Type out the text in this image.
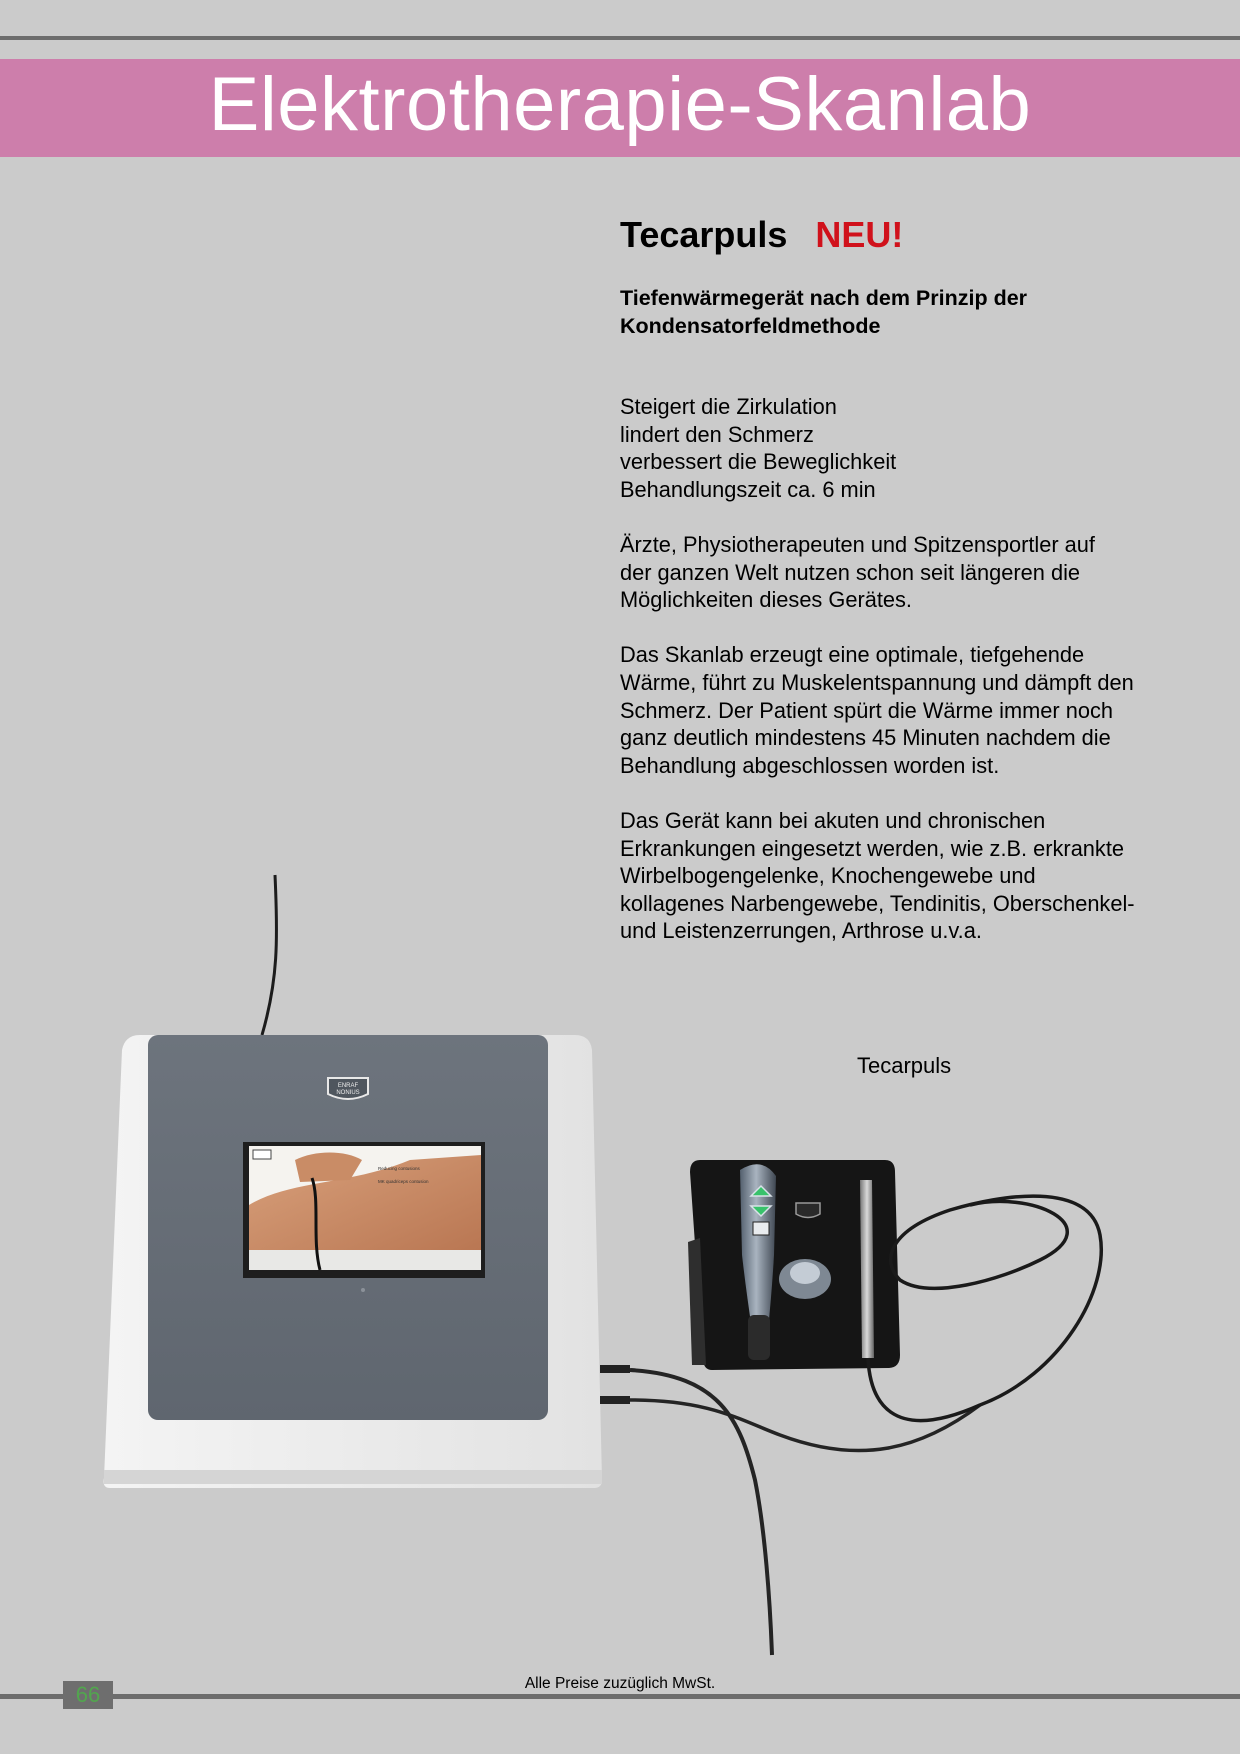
Elektrotherapie-Skanlab
Tecarpuls NEU!
Tiefenwärmegerät nach dem Prinzip der
Kondensatorfeldmethode

Steigert die Zirkulation
lindert den Schmerz
verbessert die Beweglichkeit
Behandlungszeit ca. 6 min

Ärzte, Physiotherapeuten und Spitzensportler auf
der ganzen Welt nutzen schon seit längeren die
Möglichkeiten dieses Gerätes.

Das Skanlab erzeugt eine optimale, tiefgehende
Wärme, führt zu Muskelentspannung und dämpft den
Schmerz. Der Patient spürt die Wärme immer noch
ganz deutlich mindestens 45 Minuten nachdem die
Behandlung abgeschlossen worden ist.

Das Gerät kann bei akuten und chronischen
Erkrankungen eingesetzt werden, wie z.B. erkrankte
Wirbelbogengelenke, Knochengewebe und
kollagenes Narbengewebe, Tendinitis, Oberschenkel-
und Leistenzerrungen, Arthrose u.v.a.

Tecarpuls
ENRAF
NONIUS
Reducing contusions
MK quadriceps contusion
66	Alle Preise zuzüglich MwSt.
